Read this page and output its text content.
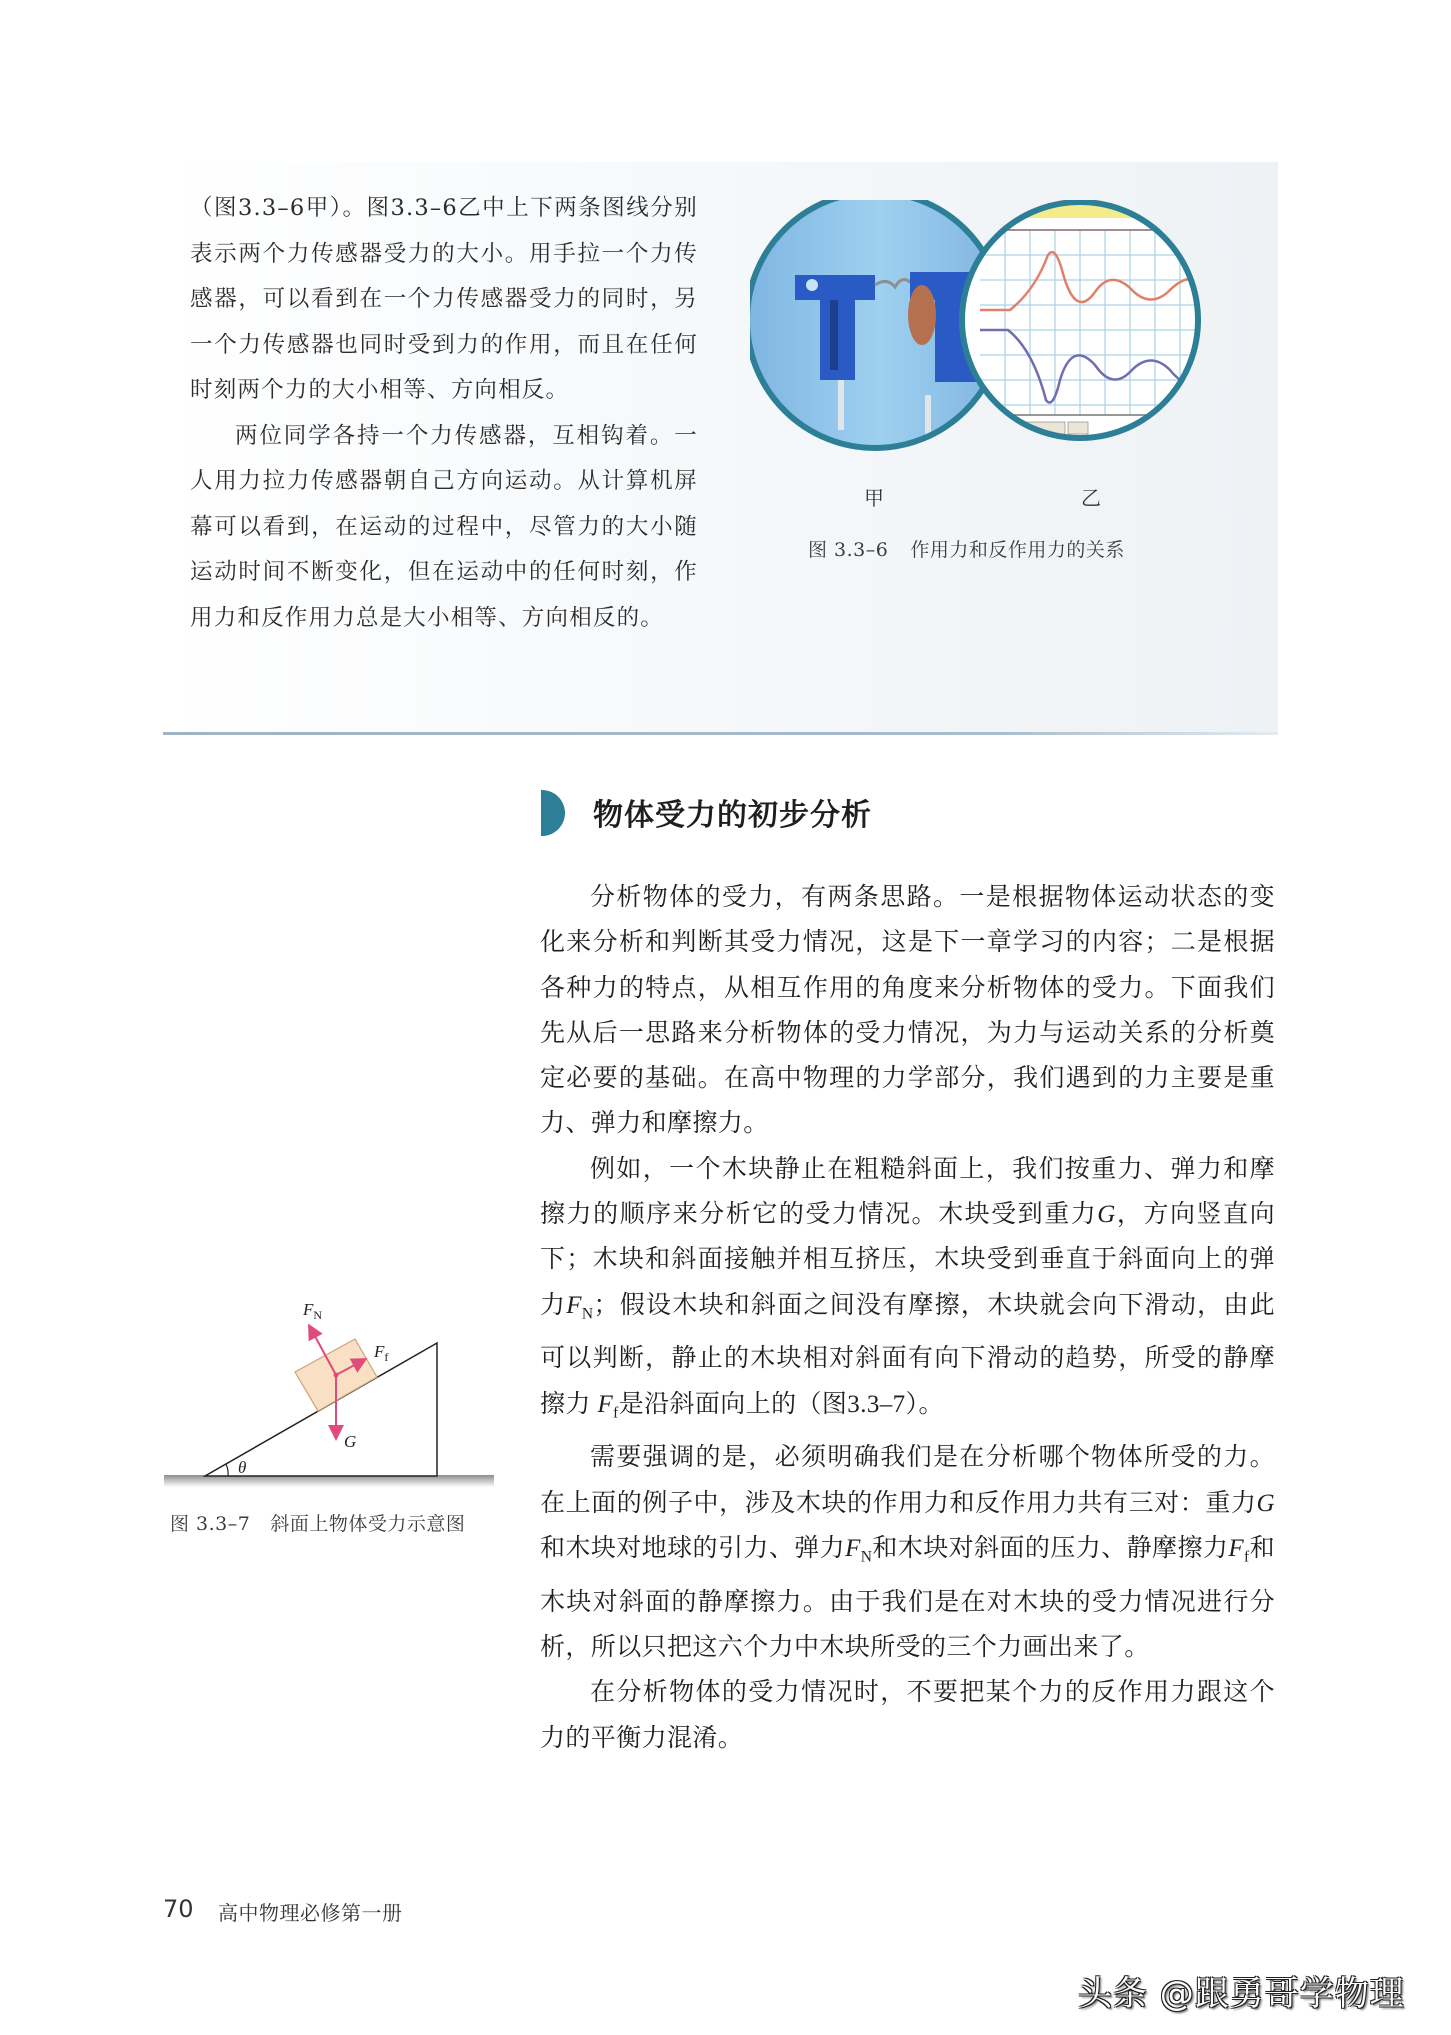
（图3.3–6甲）。图3.3–6乙中上下两条图线分别表示两个力传感器受力的大小。用手拉一个力传感器，可以看到在一个力传感器受力的同时，另一个力传感器也同时受到力的作用，而且在任何时刻两个力的大小相等、方向相反。

两位同学各持一个力传感器，互相钩着。一人用力拉力传感器朝自己方向运动。从计算机屏幕可以看到，在运动的过程中，尽管力的大小随运动时间不断变化，但在运动中的任何时刻，作用力和反作用力总是大小相等、方向相反的。

甲	乙
图 3.3–6 作用力和反作用力的关系
物体受力的初步分析

分析物体的受力，有两条思路。一是根据物体运动状态的变化来分析和判断其受力情况，这是下一章学习的内容；二是根据各种力的特点，从相互作用的角度来分析物体的受力。下面我们先从后一思路来分析物体的受力情况，为力与运动关系的分析奠定必要的基础。在高中物理的力学部分，我们遇到的力主要是重力、弹力和摩擦力。

例如，一个木块静止在粗糙斜面上，我们按重力、弹力和摩擦力的顺序来分析它的受力情况。木块受到重力G，方向竖直向下；木块和斜面接触并相互挤压，木块受到垂直于斜面向上的弹力$F_N$；假设木块和斜面之间没有摩擦，木块就会向下滑动，由此可以判断，静止的木块相对斜面有向下滑动的趋势，所受的静摩擦力 $F_f$是沿斜面向上的（图3.3–7）。

需要强调的是，必须明确我们是在分析哪个物体所受的力。在上面的例子中，涉及木块的作用力和反作用力共有三对：重力G和木块对地球的引力、弹力$F_N$和木块对斜面的压力、静摩擦力$F_f$和木块对斜面的静摩擦力。由于我们是在对木块的受力情况进行分析，所以只把这六个力中木块所受的三个力画出来了。

在分析物体的受力情况时，不要把某个力的反作用力跟这个力的平衡力混淆。

θ
$F_N$
$F_f$
G
图 3.3–7 斜面上物体受力示意图
70 高中物理必修第一册
头条 @跟勇哥学物理
